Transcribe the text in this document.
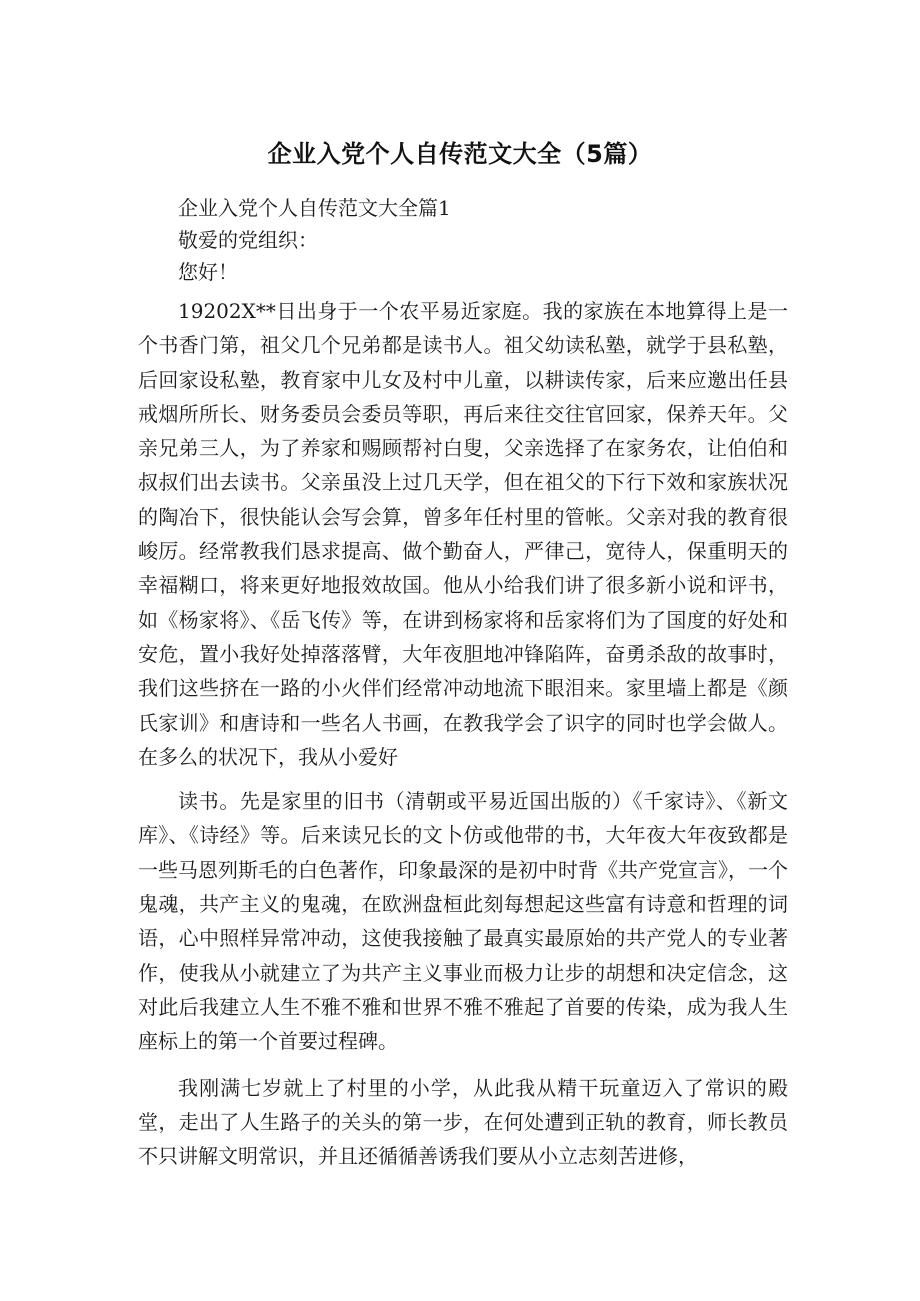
企业入党个人自传范文大全（5篇）

企业入党个人自传范文大全篇1

敬爱的党组织：

您好！

19202X**日出身于一个农平易近家庭。我的家族在本地算得上是一个书香门第，祖父几个兄弟都是读书人。祖父幼读私塾，就学于县私塾，后回家设私塾，教育家中儿女及村中儿童，以耕读传家，后来应邀出任县戒烟所所长、财务委员会委员等职，再后来往交往官回家，保养天年。父亲兄弟三人，为了养家和赐顾帮衬白叟，父亲选择了在家务农，让伯伯和叔叔们出去读书。父亲虽没上过几天学，但在祖父的下行下效和家族状况的陶冶下，很快能认会写会算，曾多年任村里的管帐。父亲对我的教育很峻厉。经常教我们恳求提高、做个勤奋人，严律己，宽待人，保重明天的幸福糊口，将来更好地报效故国。他从小给我们讲了很多新小说和评书，如《杨家将》、《岳飞传》等，在讲到杨家将和岳家将们为了国度的好处和安危，置小我好处掉落落臂，大年夜胆地冲锋陷阵，奋勇杀敌的故事时，我们这些挤在一路的小火伴们经常冲动地流下眼泪来。家里墙上都是《颜氏家训》和唐诗和一些名人书画，在教我学会了识字的同时也学会做人。在多么的状况下，我从小爱好

读书。先是家里的旧书（清朝或平易近国出版的）《千家诗》、《新文库》、《诗经》等。后来读兄长的文卜仿或他带的书，大年夜大年夜致都是一些马恩列斯毛的白色著作，印象最深的是初中时背《共产党宣言》，一个鬼魂，共产主义的鬼魂，在欧洲盘桓此刻每想起这些富有诗意和哲理的词语，心中照样异常冲动，这使我接触了最真实最原始的共产党人的专业著作，使我从小就建立了为共产主义事业而极力让步的胡想和决定信念，这对此后我建立人生不雅不雅和世界不雅不雅起了首要的传染，成为我人生座标上的第一个首要过程碑。

我刚满七岁就上了村里的小学，从此我从精干玩童迈入了常识的殿堂，走出了人生路子的关头的第一步，在何处遭到正轨的教育，师长教员不只讲解文明常识，并且还循循善诱我们要从小立志刻苦进修，
